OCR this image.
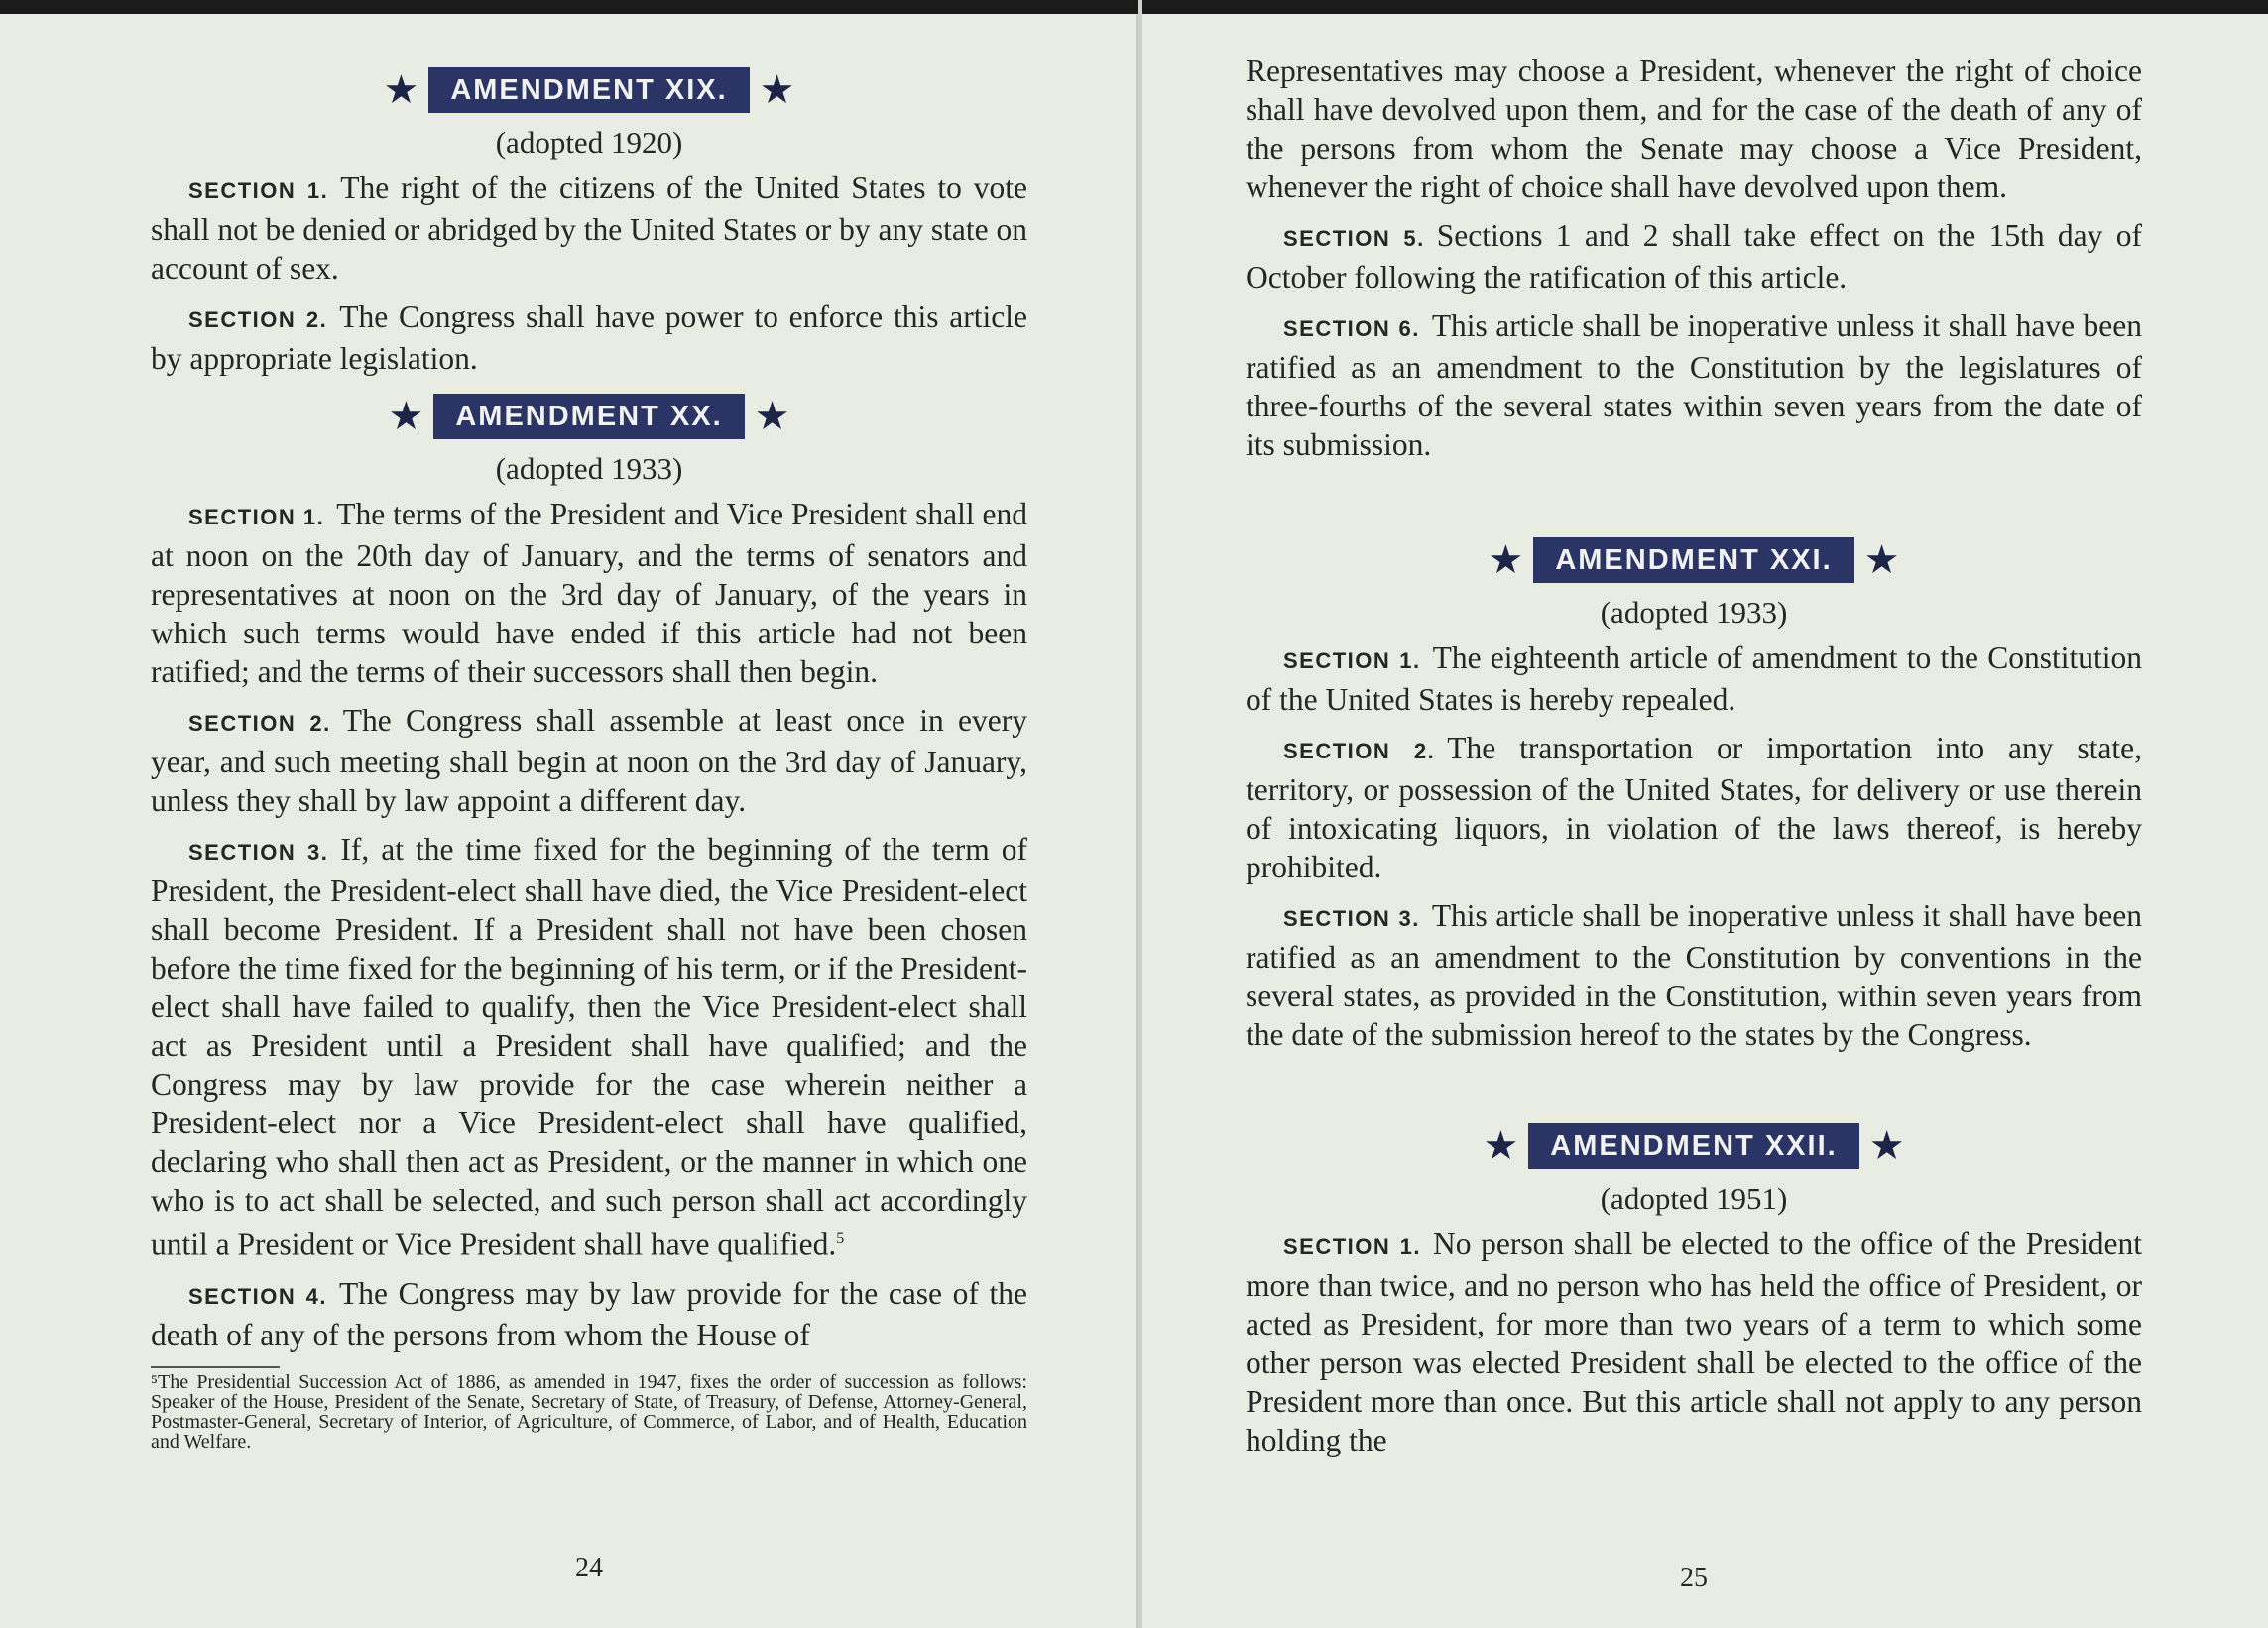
★	AMENDMENT XIX. ★
(adopted 1920)

SECTION 1. The right of the citizens of the United States to vote shall not be denied or abridged by the United States or by any state on account of sex.

SECTION 2. The Congress shall have power to enforce this article by appropriate legislation.

★	AMENDMENT XX. ★
(adopted 1933)

SECTION 1. The terms of the President and Vice President shall end at noon on the 20th day of January, and the terms of senators and representatives at noon on the 3rd day of January, of the years in which such terms would have ended if this article had not been ratified; and the terms of their successors shall then begin.

SECTION 2. The Congress shall assemble at least once in every year, and such meeting shall begin at noon on the 3rd day of January, unless they shall by law appoint a different day.

SECTION 3. If, at the time fixed for the beginning of the term of President, the President-elect shall have died, the Vice President-elect shall become President. If a President shall not have been chosen before the time fixed for the beginning of his term, or if the President-elect shall have failed to qualify, then the Vice President-elect shall act as President until a President shall have qualified; and the Congress may by law provide for the case wherein neither a President-elect nor a Vice President-elect shall have qualified, declaring who shall then act as President, or the manner in which one who is to act shall be selected, and such person shall act accordingly until a President or Vice President shall have qualified.$^5$

SECTION 4. The Congress may by law provide for the case of the death of any of the persons from whom the House of

⁵The Presidential Succession Act of 1886, as amended in 1947, fixes the order of succession as follows: Speaker of the House, President of the Senate, Secretary of State, of Treasury, of Defense, Attorney-General, Postmaster-General, Secretary of Interior, of Agriculture, of Commerce, of Labor, and of Health, Education and Welfare.

24

Representatives may choose a President, whenever the right of choice shall have devolved upon them, and for the case of the death of any of the persons from whom the Senate may choose a Vice President, whenever the right of choice shall have devolved upon them.

SECTION 5. Sections 1 and 2 shall take effect on the 15th day of October following the ratification of this article.

SECTION 6. This article shall be inoperative unless it shall have been ratified as an amendment to the Constitution by the legislatures of three-fourths of the several states within seven years from the date of its submission.

★	AMENDMENT XXI. ★
(adopted 1933)

SECTION 1. The eighteenth article of amendment to the Constitution of the United States is hereby repealed.

SECTION 2. The transportation or importation into any state, territory, or possession of the United States, for delivery or use therein of intoxicating liquors, in violation of the laws thereof, is hereby prohibited.

SECTION 3. This article shall be inoperative unless it shall have been ratified as an amendment to the Constitution by conventions in the several states, as provided in the Constitution, within seven years from the date of the submission hereof to the states by the Congress.

★	AMENDMENT XXII. ★
(adopted 1951)

SECTION 1. No person shall be elected to the office of the President more than twice, and no person who has held the office of President, or acted as President, for more than two years of a term to which some other person was elected President shall be elected to the office of the President more than once. But this article shall not apply to any person holding the

25
